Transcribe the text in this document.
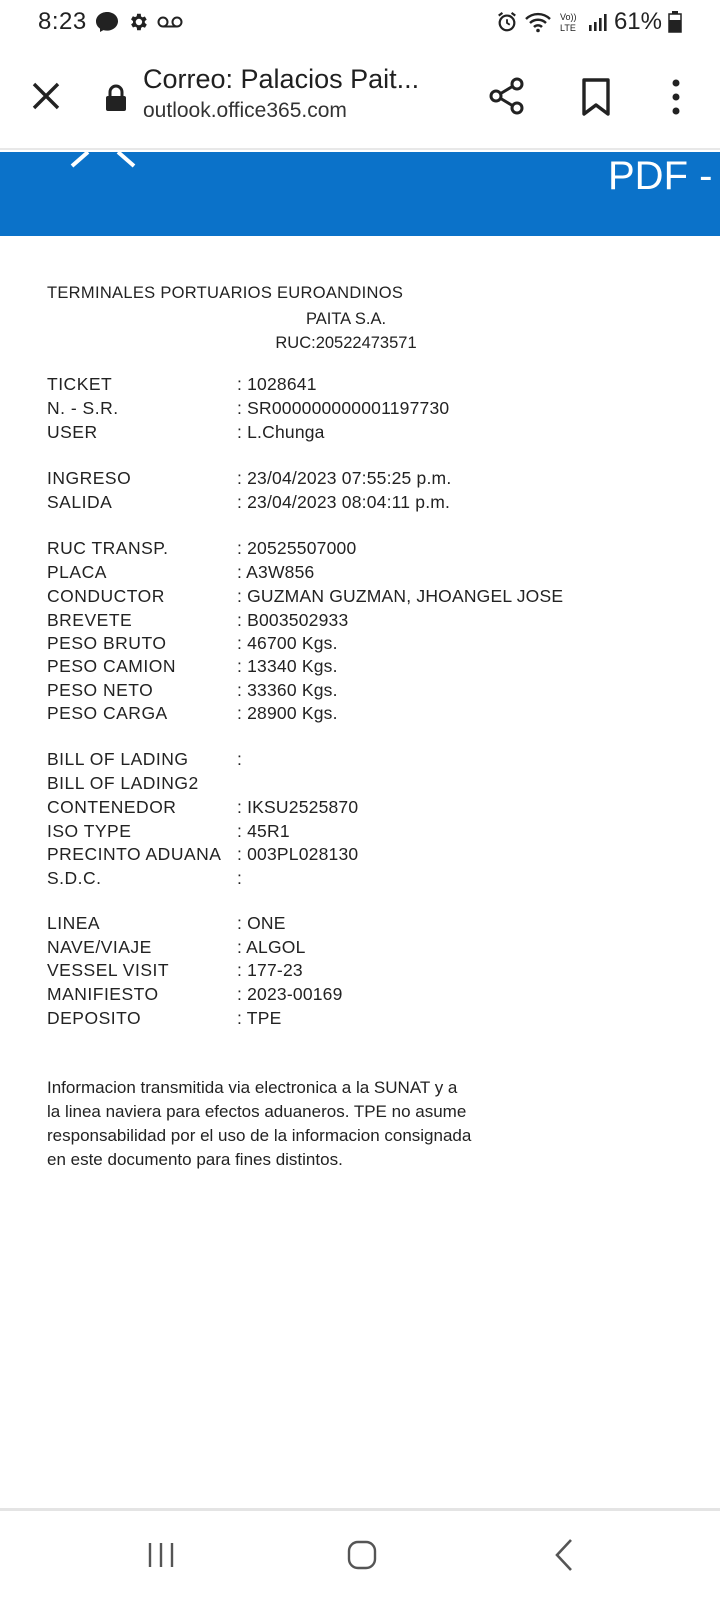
8:23	Vo))
LTE 61%
Correo: Palacios Pait...
outlook.office365.com
PDF -
TERMINALES PORTUARIOS EUROANDINOS
PAITA S.A.
RUC:20522473571
TICKET	: 1028641
N. - S.R.	: SR000000000001197730
USER	: L.Chunga
INGRESO	: 23/04/2023 07:55:25 p.m.
SALIDA	: 23/04/2023 08:04:11 p.m.
RUC TRANSP.	: 20525507000
PLACA	: A3W856
CONDUCTOR	: GUZMAN GUZMAN, JHOANGEL JOSE
BREVETE	: B003502933
PESO BRUTO	: 46700 Kgs.
PESO CAMION	: 13340 Kgs.
PESO NETO	: 33360 Kgs.
PESO CARGA	: 28900 Kgs.
BILL OF LADING	:
BILL OF LADING2
CONTENEDOR	: IKSU2525870
ISO TYPE	: 45R1
PRECINTO ADUANA : 003PL028130
S.D.C.	:
LINEA	: ONE
NAVE/VIAJE	: ALGOL
VESSEL VISIT	: 177-23
MANIFIESTO	: 2023-00169
DEPOSITO	: TPE
Informacion transmitida via electronica a la SUNAT y a
la linea naviera para efectos aduaneros. TPE no asume
responsabilidad por el uso de la informacion consignada
en este documento para fines distintos.
